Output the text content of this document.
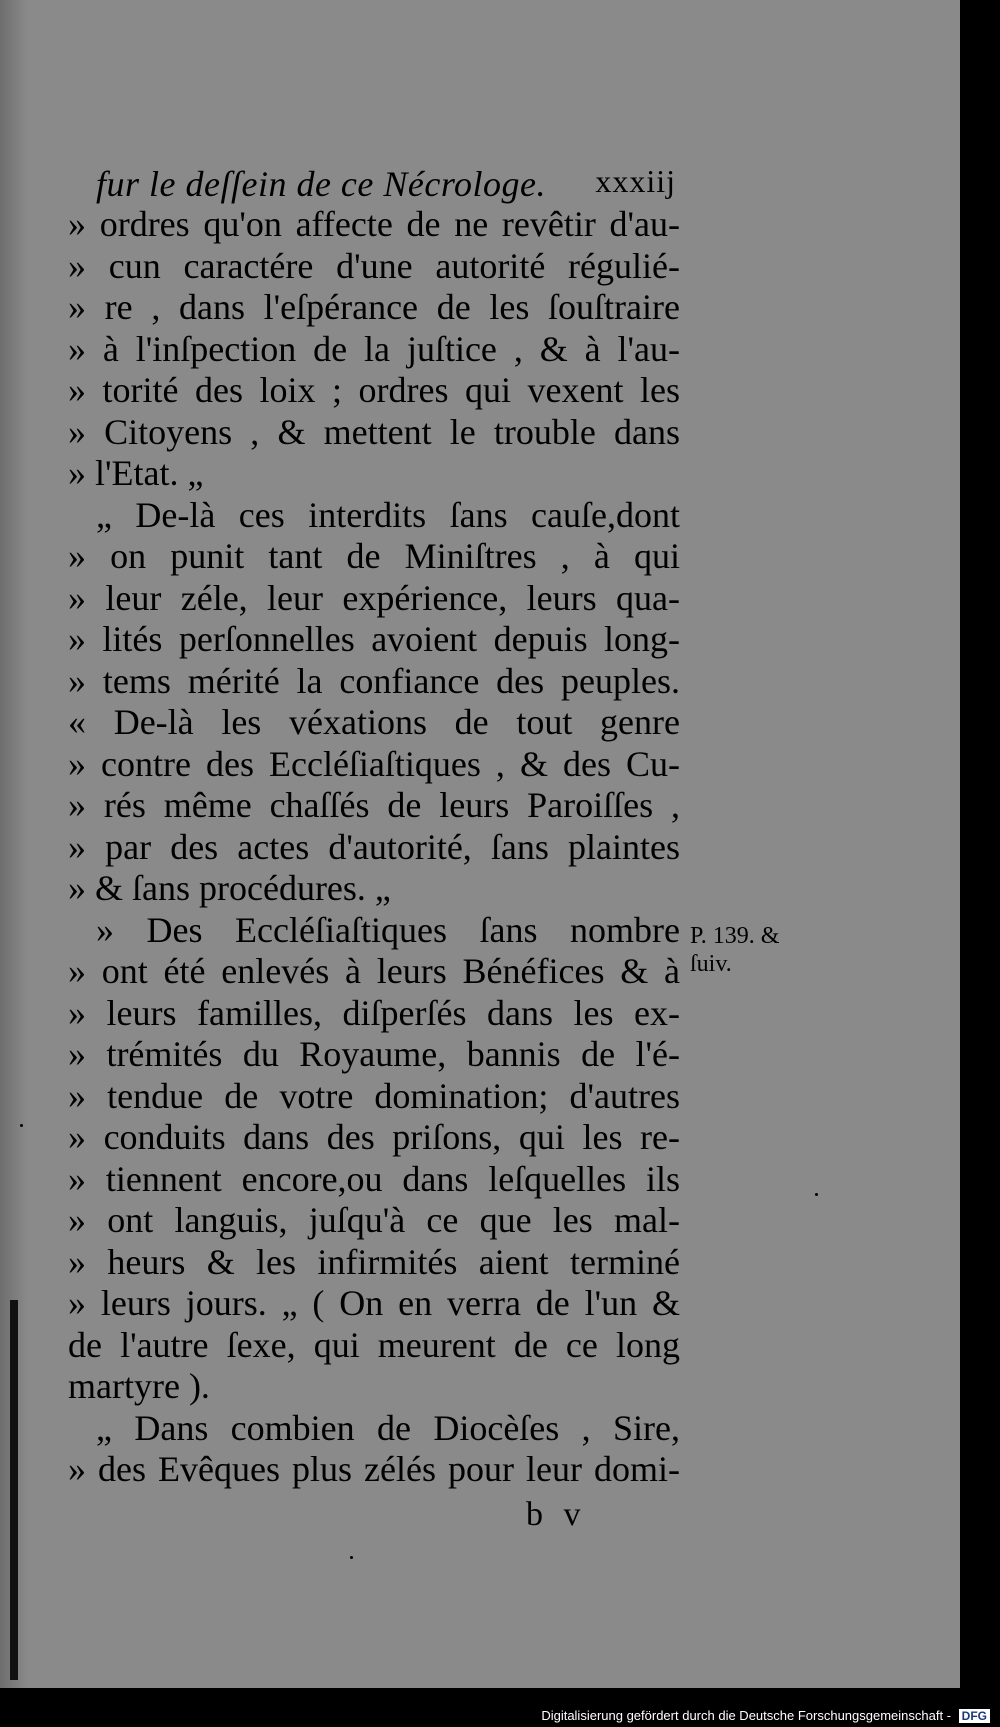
fur le deſſein de ce Nécrologe. xxxiij
» ordres qu'on affecte de ne revêtir d'au-
» cun caractére d'une autorité régulié-
» re , dans l'eſpérance de les ſouſtraire
» à l'inſpection de la juſtice , & à l'au-
» torité des loix ; ordres qui vexent les
» Citoyens , & mettent le trouble dans
» l'Etat. „
„ De-là ces interdits ſans cauſe,dont
» on punit tant de Miniſtres , à qui
» leur zéle, leur expérience, leurs qua-
» lités perſonnelles avoient depuis long-
» tems mérité la confiance des peuples.
« De-là les véxations de tout genre
» contre des Eccléſiaſtiques , & des Cu-
» rés même chaſſés de leurs Paroiſſes ,
» par des actes d'autorité, ſans plaintes
» & ſans procédures. „
» Des Eccléſiaſtiques ſans nombre
» ont été enlevés à leurs Bénéfices & à
» leurs familles, diſperſés dans les ex-
» trémités du Royaume, bannis de l'é-
» tendue de votre domination; d'autres
» conduits dans des priſons, qui les re-
» tiennent encore,ou dans leſquelles ils
» ont languis, juſqu'à ce que les mal-
» heurs & les infirmités aient terminé
» leurs jours. „ ( On en verra de l'un &
de l'autre ſexe, qui meurent de ce long
martyre ).
„ Dans combien de Diocèſes , Sire,
» des Evêques plus zélés pour leur domi-
P. 139. &
ſuiv.
b v
Digitalisierung gefördert durch die Deutsche Forschungsgemeinschaft - DFG
